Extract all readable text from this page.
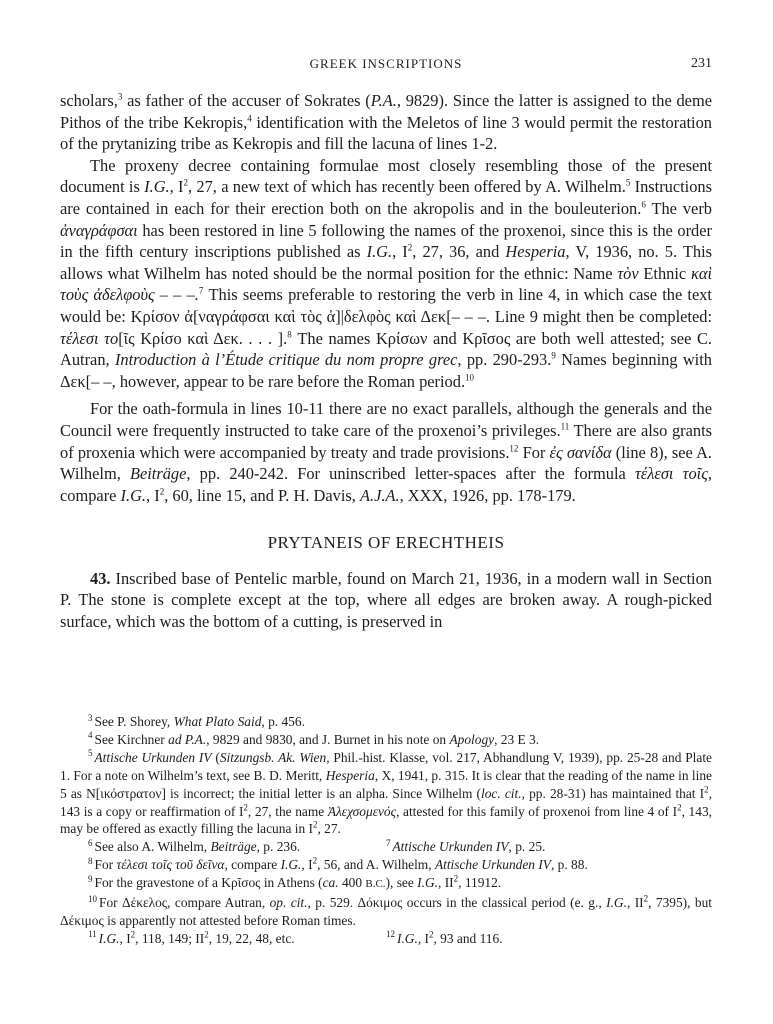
GREEK INSCRIPTIONS	231

scholars,$^3$ as father of the accuser of Sokrates (P.A., 9829). Since the latter is assigned to the deme Pithos of the tribe Kekropis,$^4$ identification with the Meletos of line 3 would permit the restoration of the prytanizing tribe as Kekropis and fill the lacuna of lines 1-2.

The proxeny decree containing formulae most closely resembling those of the present document is I.G., $I^2$, 27, a new text of which has recently been offered by A. Wilhelm.$^5$ Instructions are contained in each for their erection both on the akropolis and in the bouleuterion.$^6$ The verb ἀναγράφσαι has been restored in line 5 following the names of the proxenoi, since this is the order in the fifth century inscriptions published as I.G., $I^2$, 27, 36, and Hesperia, V, 1936, no. 5. This allows what Wilhelm has noted should be the normal position for the ethnic: Name τὸν Ethnic καὶ τοὺς ἀδελφοὺς – – –.$^7$ This seems preferable to restoring the verb in line 4, in which case the text would be: Κρίσον ἀ[ναγράφσαι καὶ τὸς ἀ]|δελφὸς καὶ Δεκ[– – –. Line 9 might then be completed: τέλεσι το[ῖς Κρίσο καὶ Δεκ. . . . ].$^8$ The names Κρίσων and Κρῖσος are both well attested; see C. Autran, Introduction à l’Étude critique du nom propre grec, pp. 290-293.$^9$ Names beginning with Δεκ[– –, however, appear to be rare before the Roman period.$^{10}$

For the oath-formula in lines 10-11 there are no exact parallels, although the generals and the Council were frequently instructed to take care of the proxenoi’s privileges.$^{11}$ There are also grants of proxenia which were accompanied by treaty and trade provisions.$^{12}$ For ἐς σανίδα (line 8), see A. Wilhelm, Beiträge, pp. 240-242. For uninscribed letter-spaces after the formula τέλεσι τοῖς, compare I.G., $I^2$, 60, line 15, and P. H. Davis, A.J.A., XXX, 1926, pp. 178-179.

PRYTANEIS OF ERECHTHEIS

43. Inscribed base of Pentelic marble, found on March 21, 1936, in a modern wall in Section P. The stone is complete except at the top, where all edges are broken away. A rough-picked surface, which was the bottom of a cutting, is preserved in

$^3$ See P. Shorey, What Plato Said, p. 456.

$^4$ See Kirchner ad P.A., 9829 and 9830, and J. Burnet in his note on Apology, 23 E 3.

$^5$ Attische Urkunden IV (Sitzungsb. Ak. Wien, Phil.-hist. Klasse, vol. 217, Abhandlung V, 1939), pp. 25-28 and Plate 1. For a note on Wilhelm’s text, see B. D. Meritt, Hesperia, X, 1941, p. 315. It is clear that the reading of the name in line 5 as N[ικόστρατον] is incorrect; the initial letter is an alpha. Since Wilhelm (loc. cit., pp. 28-31) has maintained that $I^2$, 143 is a copy or reaffirmation of $I^2$, 27, the name Ἀλεχσομενός, attested for this family of proxenoi from line 4 of $I^2$, 143, may be offered as exactly filling the lacuna in $I^2$, 27.

$^6$ See also A. Wilhelm, Beiträge, p. 236.	$^7$ Attische Urkunden IV, p. 25.

$^8$ For τέλεσι τοῖς τοῦ δεῖνα, compare I.G., $I^2$, 56, and A. Wilhelm, Attische Urkunden IV, p. 88.

$^9$ For the gravestone of a Κρῖσος in Athens (ca. 400 B.C.), see I.G., $II^2$, 11912.

$^{10}$ For Δέκελος, compare Autran, op. cit., p. 529. Δόκιμος occurs in the classical period (e. g., I.G., $II^2$, 7395), but Δέκιμος is apparently not attested before Roman times.

$^{11}$ I.G., $I^2$, 118, 149; $II^2$, 19, 22, 48, etc.	$^{12}$ I.G., $I^2$, 93 and 116.
